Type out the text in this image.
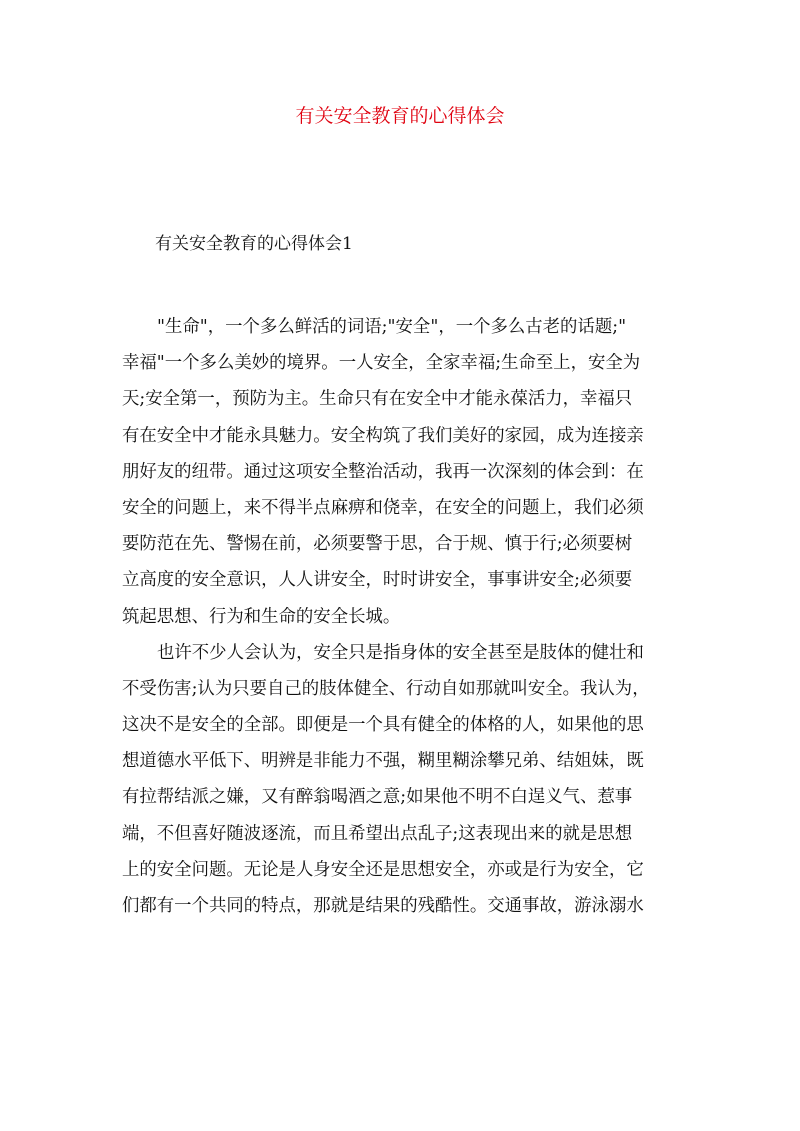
有关安全教育的心得体会
有关安全教育的心得体会1
"生命"，一个多么鲜活的词语;"安全"，一个多么古老的话题;"
幸福"一个多么美妙的境界。一人安全，全家幸福;生命至上，安全为
天;安全第一，预防为主。生命只有在安全中才能永葆活力，幸福只
有在安全中才能永具魅力。安全构筑了我们美好的家园，成为连接亲
朋好友的纽带。通过这项安全整治活动，我再一次深刻的体会到：在
安全的问题上，来不得半点麻痹和侥幸，在安全的问题上，我们必须
要防范在先、警惕在前，必须要警于思，合于规、慎于行;必须要树
立高度的安全意识，人人讲安全，时时讲安全，事事讲安全;必须要
筑起思想、行为和生命的安全长城。
也许不少人会认为，安全只是指身体的安全甚至是肢体的健壮和
不受伤害;认为只要自己的肢体健全、行动自如那就叫安全。我认为，
这决不是安全的全部。即便是一个具有健全的体格的人，如果他的思
想道德水平低下、明辨是非能力不强，糊里糊涂攀兄弟、结姐妹，既
有拉帮结派之嫌，又有醉翁喝酒之意;如果他不明不白逞义气、惹事
端，不但喜好随波逐流，而且希望出点乱子;这表现出来的就是思想
上的安全问题。无论是人身安全还是思想安全，亦或是行为安全，它
们都有一个共同的特点，那就是结果的残酷性。交通事故，游泳溺水
